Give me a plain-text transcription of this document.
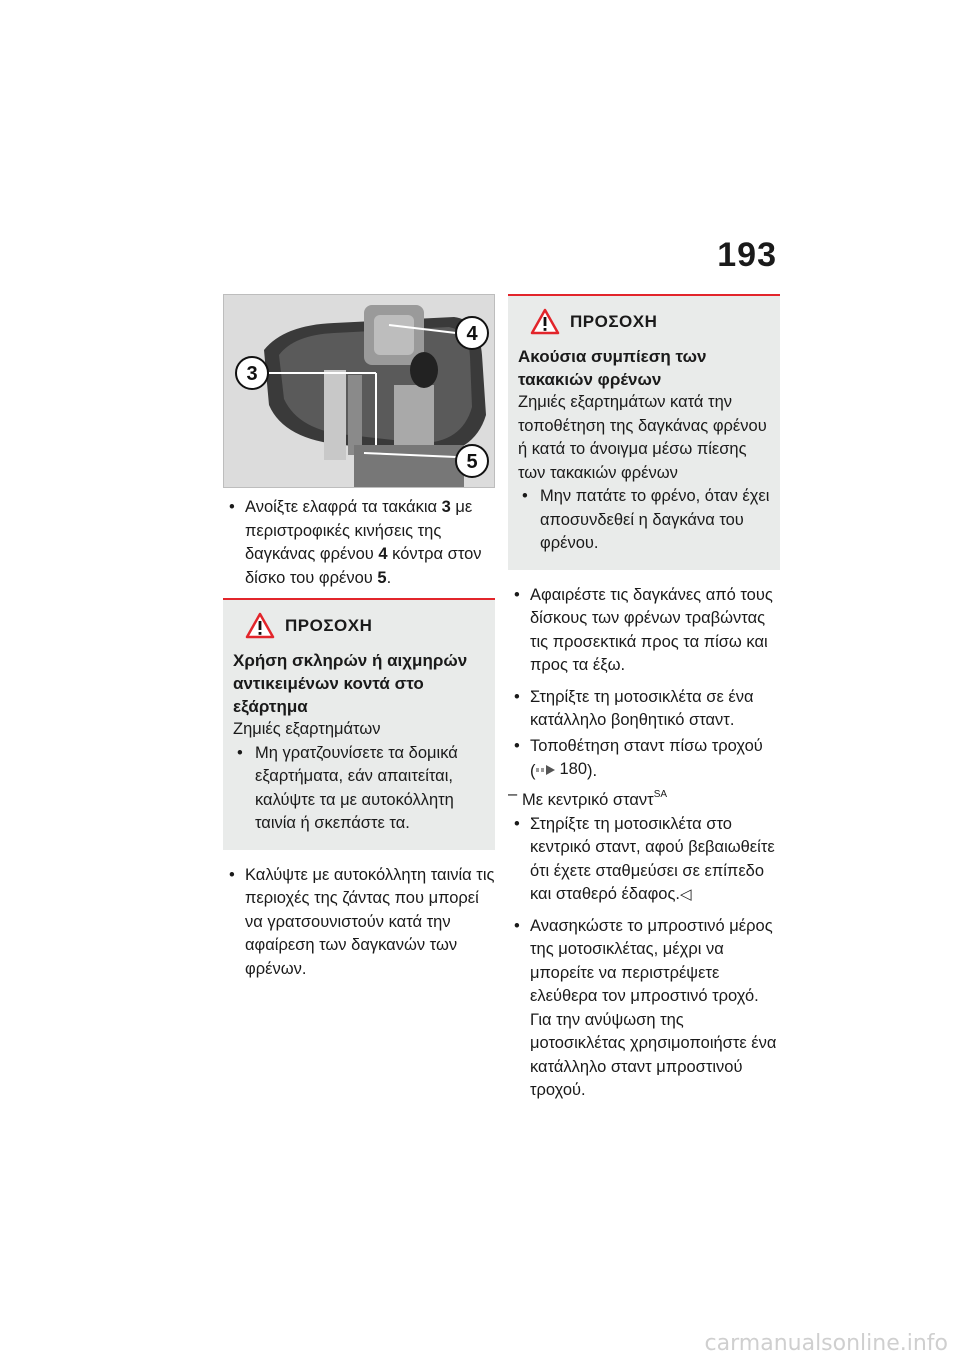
193
3
4
5
• Ανοίξτε ελαφρά τα τακάκια 3 με περιστροφικές κινήσεις της δαγκάνας φρένου 4 κόντρα στον δίσκο του φρένου 5.
ΠΡΟΣΟΧΗ
Χρήση σκληρών ή αιχμηρών αντικειμένων κοντά στο εξάρτημα
Ζημιές εξαρτημάτων
• Μη γρατζουνίσετε τα δομικά εξαρτήματα, εάν απαιτείται, καλύψτε τα με αυτοκόλλητη ταινία ή σκεπάστε τα.
• Καλύψτε με αυτοκόλλητη ταινία τις περιοχές της ζάντας που μπορεί να γρατσουνιστούν κατά την αφαίρεση των δαγκανών των φρένων.
ΠΡΟΣΟΧΗ
Ακούσια συμπίεση των τακακιών φρένων
Ζημιές εξαρτημάτων κατά την τοποθέτηση της δαγκάνας φρένου ή κατά το άνοιγμα μέσω πίεσης των τακακιών φρένων
• Μην πατάτε το φρένο, όταν έχει αποσυνδεθεί η δαγκάνα του φρένου.
• Αφαιρέστε τις δαγκάνες από τους δίσκους των φρένων τραβώντας τις προσεκτικά προς τα πίσω και προς τα έξω.
• Στηρίξτε τη μοτοσικλέτα σε ένα κατάλληλο βοηθητικό σταντ.
• Τοποθέτηση σταντ πίσω τροχού
( 180 ).
– Με κεντρικό σταντ$^{SA}$
• Στηρίξτε τη μοτοσικλέτα στο κεντρικό σταντ, αφού βεβαιωθείτε ότι έχετε σταθμεύσει σε επίπεδο και σταθερό έδαφος.◁
• Ανασηκώστε το μπροστινό μέρος της μοτοσικλέτας, μέχρι να μπορείτε να περιστρέψετε ελεύθερα τον μπροστινό τροχό. Για την ανύψωση της μοτοσικλέτας χρησιμοποιήστε ένα κατάλληλο σταντ μπροστινού τροχού.
carmanualsonline.info
